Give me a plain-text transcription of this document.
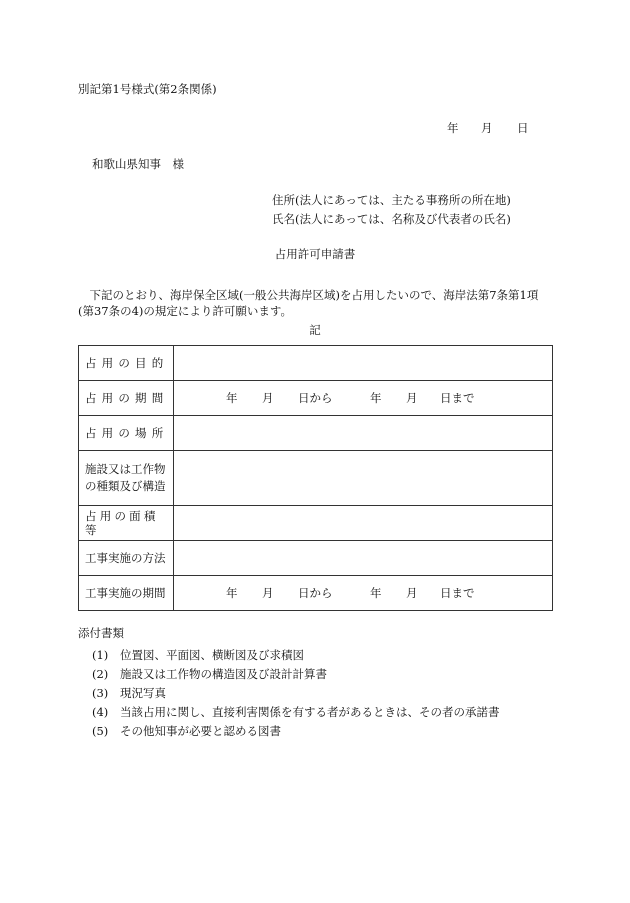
別記第1号様式(第2条関係)
年 月 日
和歌山県知事　様
住所(法人にあっては、主たる事務所の所在地)
氏名(法人にあっては、名称及び代表者の氏名)
占用許可申請書
　下記のとおり、海岸保全区域(一般公共海岸区域)を占用したいので、海岸法第7条第1項(第37条の4)の規定により許可願います。
記
占用の目的	
占用の期間	年 月 日から 年 月 日まで
占用の場所	
施設又は工作物
の種類及び構造	
占用の面積等	
工事実施の方法	
工事実施の期間	年 月 日から 年 月 日まで
添付書類
(1) 位置図、平面図、横断図及び求積図
(2) 施設又は工作物の構造図及び設計計算書
(3) 現況写真
(4) 当該占用に関し、直接利害関係を有する者があるときは、その者の承諾書
(5) その他知事が必要と認める図書
